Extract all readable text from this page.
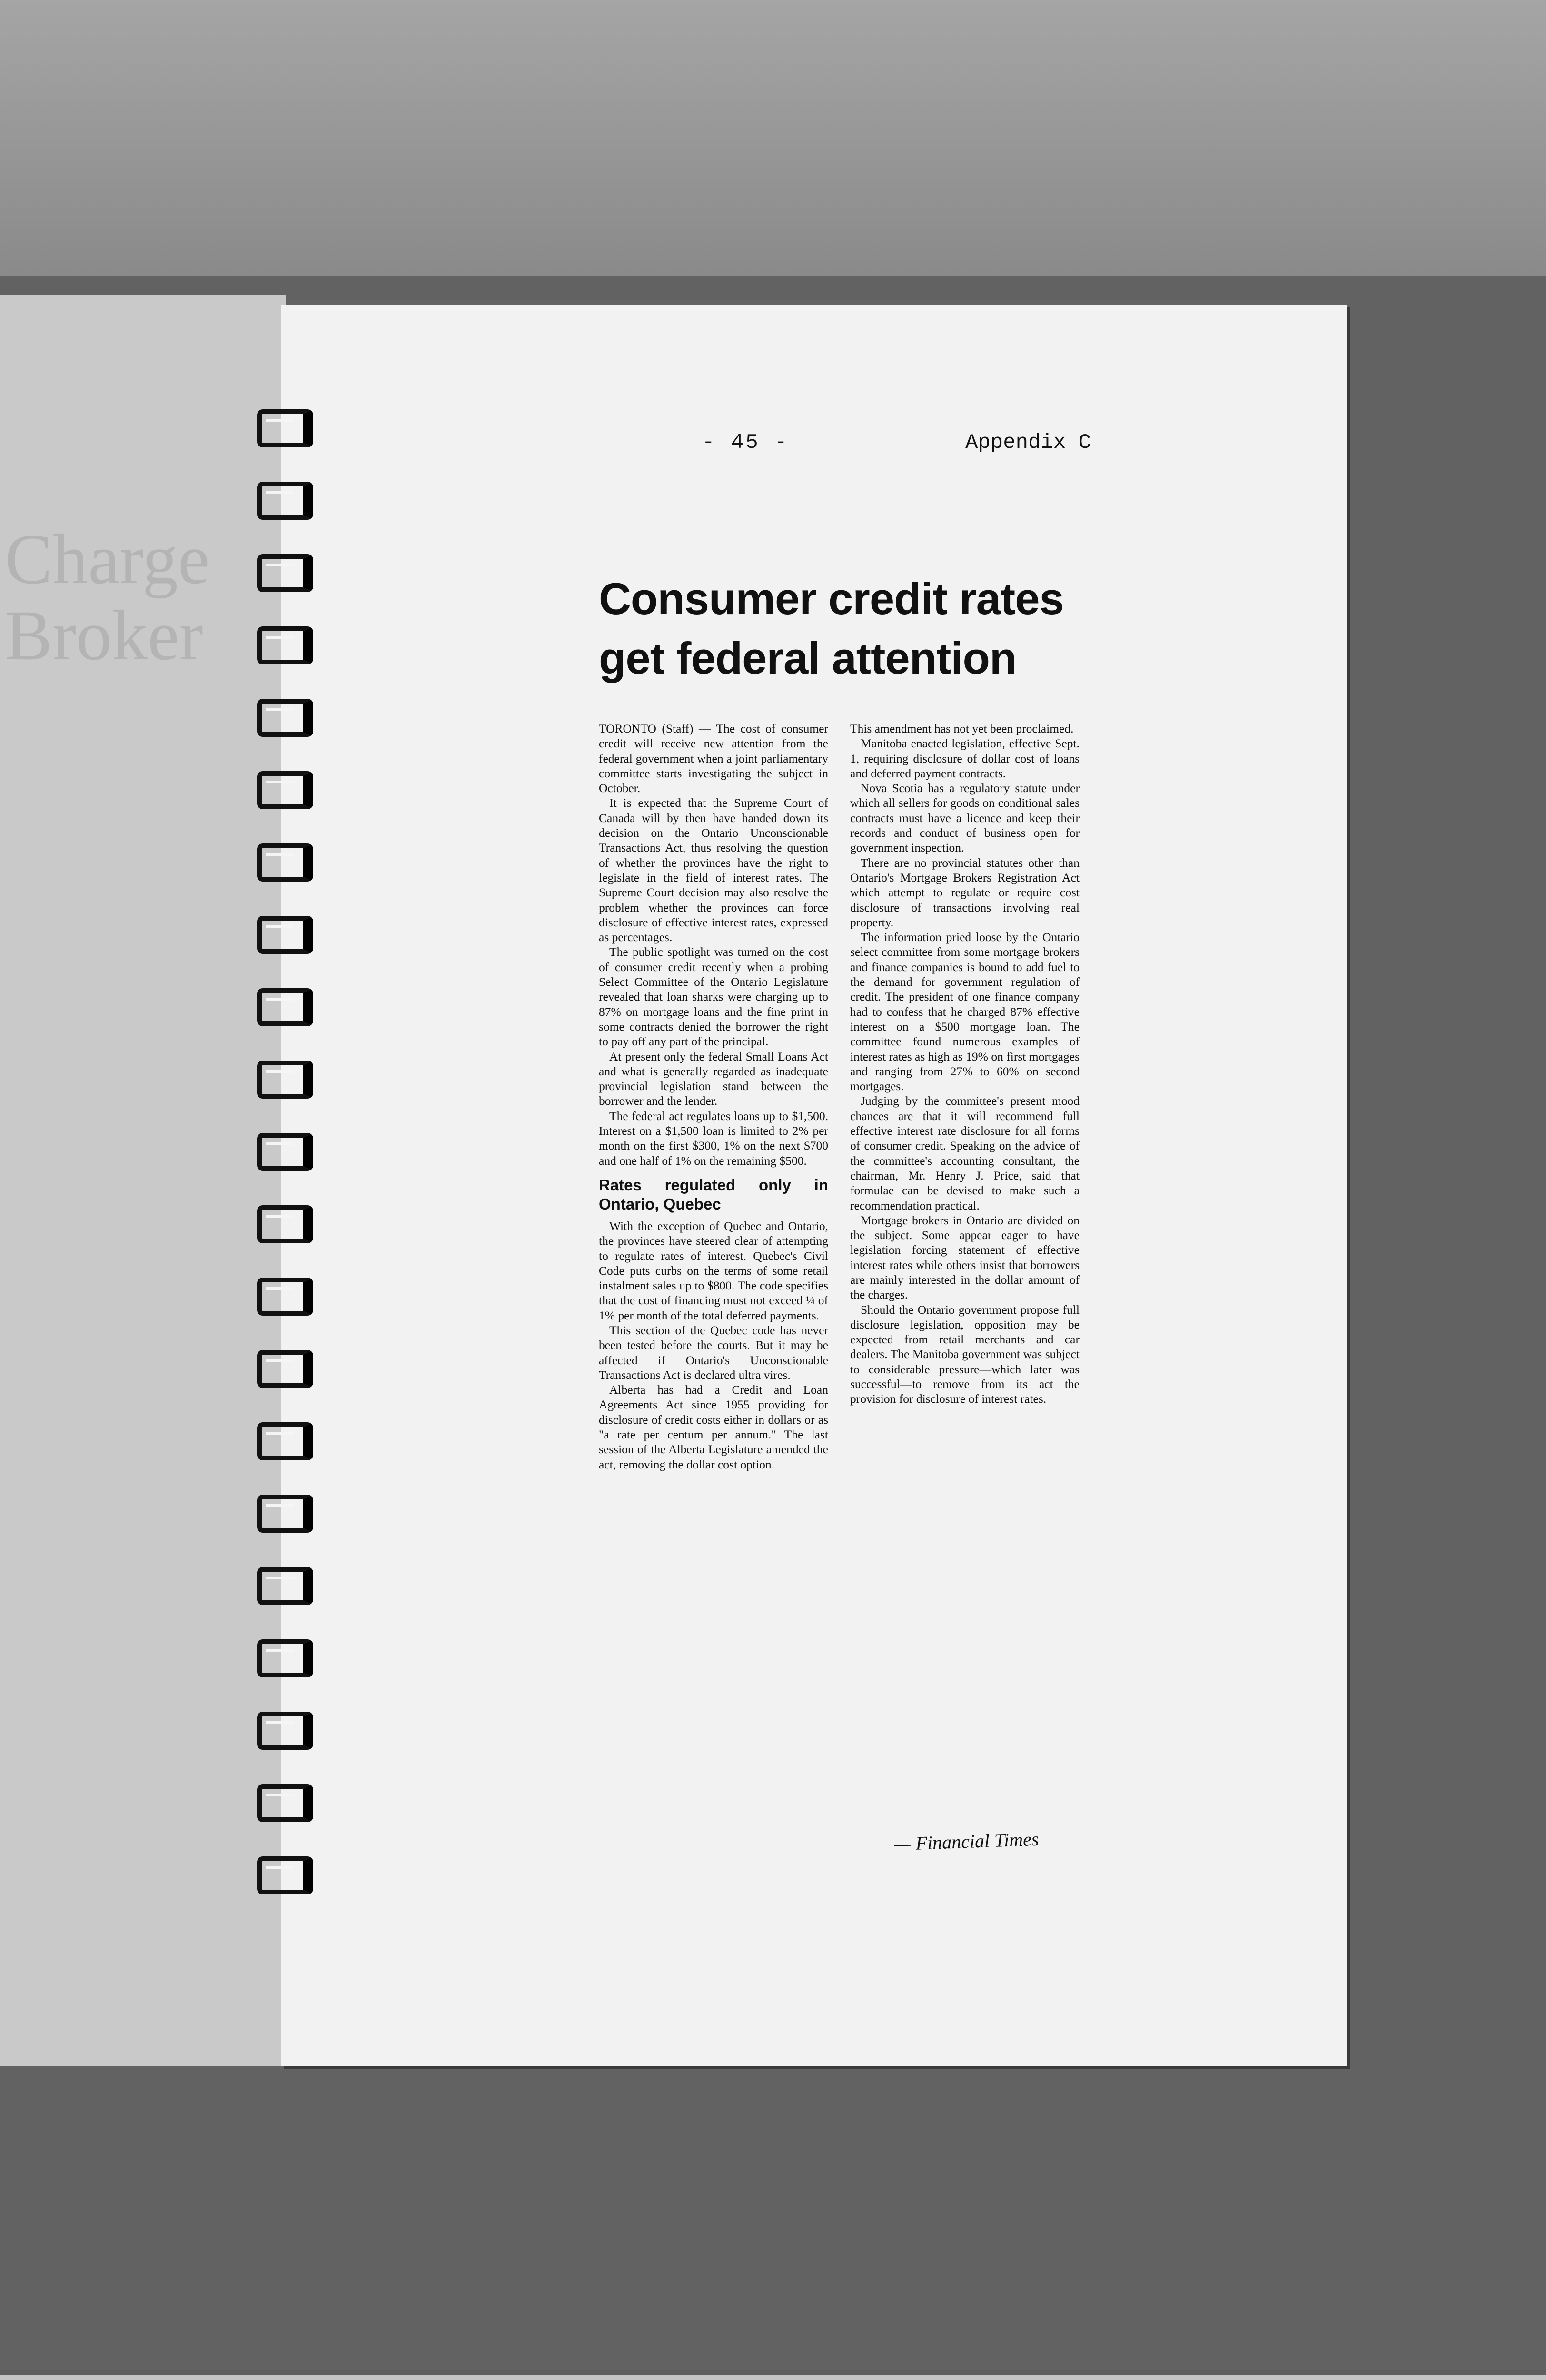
Charge
Broker
- 45 -	Appendix C
Consumer credit rates
get federal attention

TORONTO (Staff) — The cost of consumer credit will receive new attention from the federal government when a joint parliamentary committee starts investigating the subject in October.

It is expected that the Supreme Court of Canada will by then have handed down its decision on the Ontario Unconscionable Transactions Act, thus resolving the question of whether the provinces have the right to legislate in the field of interest rates. The Supreme Court decision may also resolve the problem whether the provinces can force disclosure of effective interest rates, expressed as percentages.

The public spotlight was turned on the cost of consumer credit recently when a probing Select Committee of the Ontario Legislature revealed that loan sharks were charging up to 87% on mortgage loans and the fine print in some contracts denied the borrower the right to pay off any part of the principal.

At present only the federal Small Loans Act and what is generally regarded as inadequate provincial legislation stand between the borrower and the lender.

The federal act regulates loans up to $1,500. Interest on a $1,500 loan is limited to 2% per month on the first $300, 1% on the next $700 and one half of 1% on the remaining $500.

Rates regulated only in Ontario, Quebec

With the exception of Quebec and Ontario, the provinces have steered clear of attempting to regulate rates of interest. Quebec's Civil Code puts curbs on the terms of some retail instalment sales up to $800. The code specifies that the cost of financing must not exceed ¼ of 1% per month of the total deferred payments.

This section of the Quebec code has never been tested before the courts. But it may be affected if Ontario's Unconscionable Transactions Act is declared ultra vires.

Alberta has had a Credit and Loan Agreements Act since 1955 providing for disclosure of credit costs either in dollars or as "a rate per centum per annum." The last session of the Alberta Legislature amended the act, removing the dollar cost option.

This amendment has not yet been proclaimed.

Manitoba enacted legislation, effective Sept. 1, requiring disclosure of dollar cost of loans and deferred payment contracts.

Nova Scotia has a regulatory statute under which all sellers for goods on conditional sales contracts must have a licence and keep their records and conduct of business open for government inspection.

There are no provincial statutes other than Ontario's Mortgage Brokers Registration Act which attempt to regulate or require cost disclosure of transactions involving real property.

The information pried loose by the Ontario select committee from some mortgage brokers and finance companies is bound to add fuel to the demand for government regulation of credit. The president of one finance company had to confess that he charged 87% effective interest on a $500 mortgage loan. The committee found numerous examples of interest rates as high as 19% on first mortgages and ranging from 27% to 60% on second mortgages.

Judging by the committee's present mood chances are that it will recommend full effective interest rate disclosure for all forms of consumer credit. Speaking on the advice of the committee's accounting consultant, the chairman, Mr. Henry J. Price, said that formulae can be devised to make such a recommendation practical.

Mortgage brokers in Ontario are divided on the subject. Some appear eager to have legislation forcing statement of effective interest rates while others insist that borrowers are mainly interested in the dollar amount of the charges.

Should the Ontario government propose full disclosure legislation, opposition may be expected from retail merchants and car dealers. The Manitoba government was subject to considerable pressure—which later was successful—to remove from its act the provision for disclosure of interest rates.

— Financial Times
